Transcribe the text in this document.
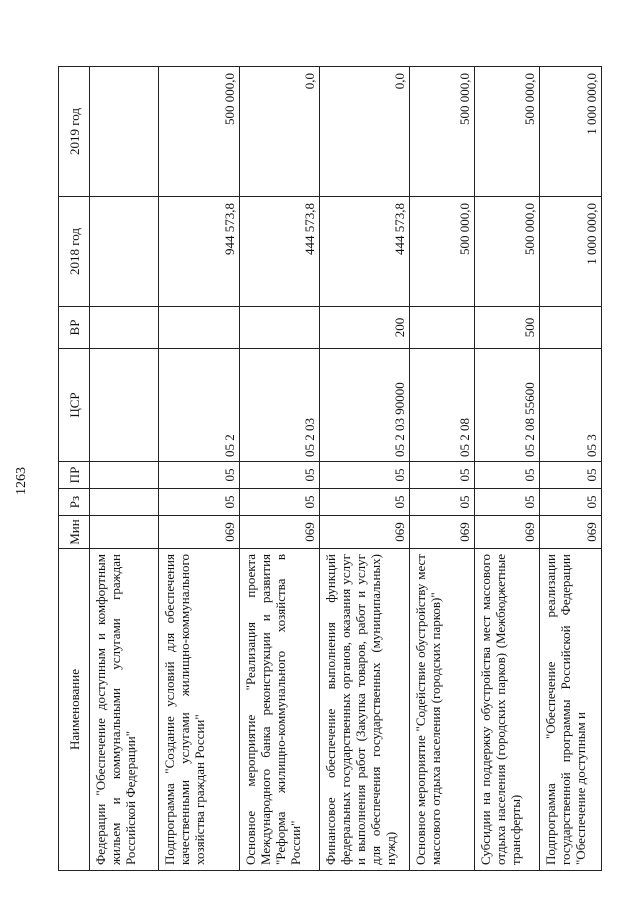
1263
Наименование	Мин	Рз	ПР	ЦСР	ВР	2018 год	2019 год
Федерации "Обеспечение доступным и комфортным жильем и коммунальными услугами граждан Российской Федерации"							
Подпрограмма "Создание условий для обеспечения качественными услугами жилищно-коммунального хозяйства граждан России"	069	05	05	05 2		944 573,8	500 000,0
Основное мероприятие "Реализация проекта Международного банка реконструкции и развития "Реформа жилищно-коммунального хозяйства в России"	069	05	05	05 2 03		444 573,8	0,0
Финансовое обеспечение выполнения функций федеральных государственных органов, оказания услуг и выполнения работ (Закупка товаров, работ и услуг для обеспечения государственных (муниципальных) нужд)	069	05	05	05 2 03 90000	200	444 573,8	0,0
Основное мероприятие "Содействие обустройству мест массового отдыха населения (городских парков)"	069	05	05	05 2 08		500 000,0	500 000,0
Субсидии на поддержку обустройства мест массового отдыха населения (городских парков) (Межбюджетные трансферты)	069	05	05	05 2 08 55600	500	500 000,0	500 000,0
Подпрограмма "Обеспечение реализации государственной программы Российской Федерации "Обеспечение доступным и	069	05	05	05 3		1 000 000,0	1 000 000,0
